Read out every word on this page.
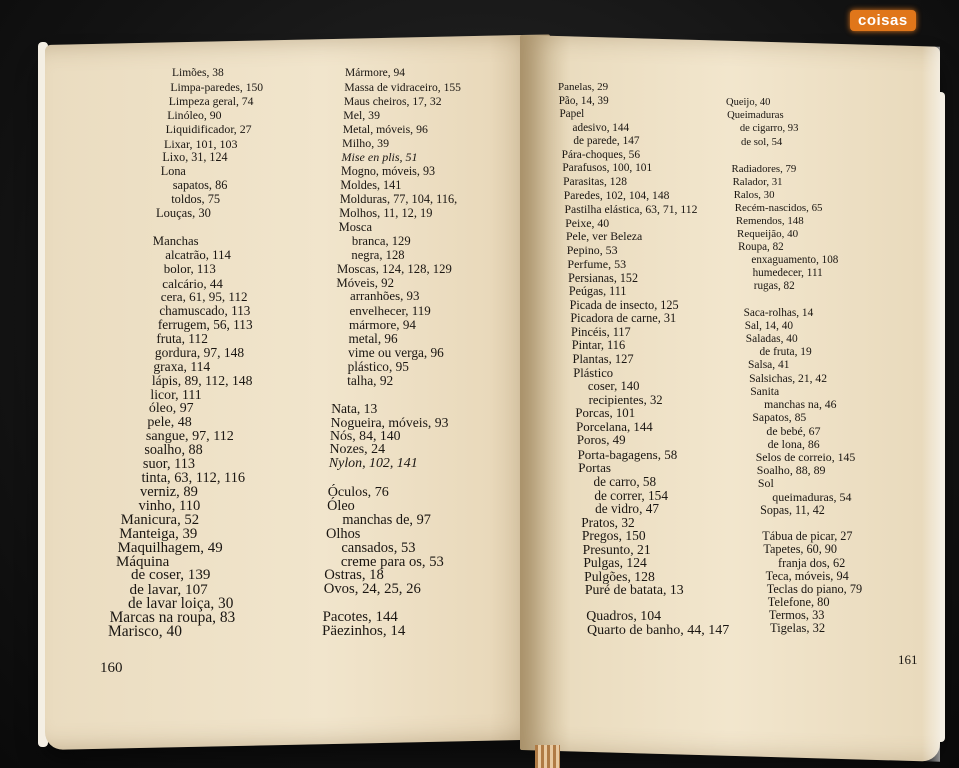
Limões, 38
Limpa-paredes, 150
Limpeza geral, 74
Linóleo, 90
Liquidificador, 27
Lixar, 101, 103
Lixo, 31, 124
Lona
sapatos, 86
toldos, 75
Louças, 30
Manchas
alcatrão, 114
bolor, 113
calcário, 44
cera, 61, 95, 112
chamuscado, 113
ferrugem, 56, 113
fruta, 112
gordura, 97, 148
graxa, 114
lápis, 89, 112, 148
licor, 111
óleo, 97
pele, 48
sangue, 97, 112
soalho, 88
suor, 113
tinta, 63, 112, 116
verniz, 89
vinho, 110
Manicura, 52
Manteiga, 39
Maquilhagem, 49
Máquina
de coser, 139
de lavar, 107
de lavar loiça, 30
Marcas na roupa, 83
Marisco, 40
Mármore, 94
Massa de vidraceiro, 155
Maus cheiros, 17, 32
Mel, 39
Metal, móveis, 96
Milho, 39
Mise en plis, 51
Mogno, móveis, 93
Moldes, 141
Molduras, 77, 104, 116,
Molhos, 11, 12, 19
Mosca
branca, 129
negra, 128
Moscas, 124, 128, 129
Móveis, 92
arranhões, 93
envelhecer, 119
mármore, 94
metal, 96
vime ou verga, 96
plástico, 95
talha, 92
Nata, 13
Nogueira, móveis, 93
Nós, 84, 140
Nozes, 24
Nylon, 102, 141
Óculos, 76
Óleo
manchas de, 97
Olhos
cansados, 53
creme para os, 53
Ostras, 18
Ovos, 24, 25, 26
Pacotes, 144
Päezinhos, 14
Panelas, 29
Pão, 14, 39
Papel
adesivo, 144
de parede, 147
Pára-choques, 56
Parafusos, 100, 101
Parasitas, 128
Paredes, 102, 104, 148
Pastilha elástica, 63, 71, 112
Peixe, 40
Pele, ver Beleza
Pepino, 53
Perfume, 53
Persianas, 152
Peúgas, 111
Picada de insecto, 125
Picadora de carne, 31
Pincéis, 117
Pintar, 116
Plantas, 127
Plástico
coser, 140
recipientes, 32
Porcas, 101
Porcelana, 144
Poros, 49
Porta-bagagens, 58
Portas
de carro, 58
de correr, 154
de vidro, 47
Pratos, 32
Pregos, 150
Presunto, 21
Pulgas, 124
Pulgões, 128
Puré de batata, 13
Quadros, 104
Quarto de banho, 44, 147
Queijo, 40
Queimaduras
de cigarro, 93
de sol, 54
Radiadores, 79
Ralador, 31
Ralos, 30
Recém-nascidos, 65
Remendos, 148
Requeijão, 40
Roupa, 82
enxaguamento, 108
humedecer, 111
rugas, 82
Saca-rolhas, 14
Sal, 14, 40
Saladas, 40
de fruta, 19
Salsa, 41
Salsichas, 21, 42
Sanita
manchas na, 46
Sapatos, 85
de bebé, 67
de lona, 86
Selos de correio, 145
Soalho, 88, 89
Sol
queimaduras, 54
Sopas, 11, 42
Tábua de picar, 27
Tapetes, 60, 90
franja dos, 62
Teca, móveis, 94
Teclas do piano, 79
Telefone, 80
Termos, 33
Tigelas, 32
160
161
coisas
